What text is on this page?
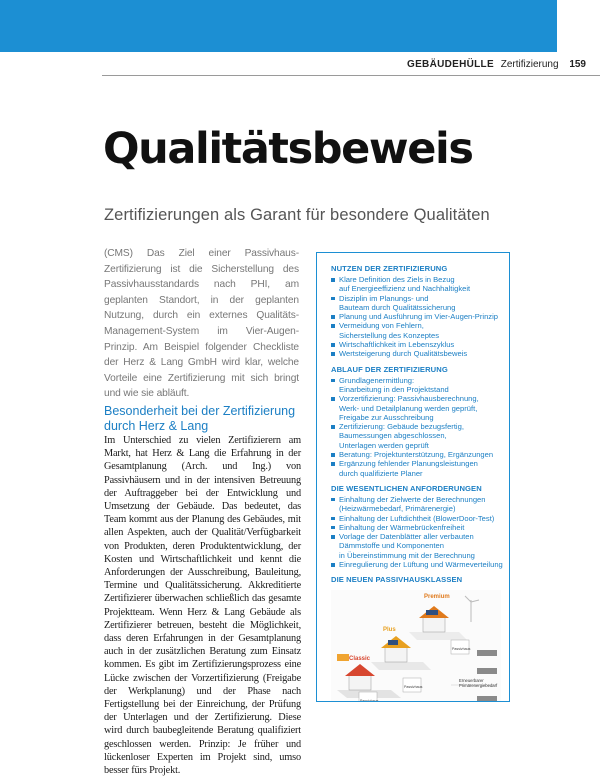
GEBÄUDEHÜLLE Zertifizierung 159
Qualitätsbeweis
Zertifizierungen als Garant für besondere Qualitäten
(CMS) Das Ziel einer Passivhaus-Zertifizierung ist die Sicherstellung des Passivhausstandards nach PHI, am geplanten Standort, in der geplanten Nutzung, durch ein externes Qualitäts-Management-System im Vier-Augen-Prinzip. Am Beispiel folgender Checkliste der Herz & Lang GmbH wird klar, welche Vorteile eine Zertifizierung mit sich bringt und wie sie abläuft.
Besonderheit bei der Zertifizierung durch Herz & Lang
Im Unterschied zu vielen Zertifizierern am Markt, hat Herz & Lang die Erfahrung in der Gesamtplanung (Arch. und Ing.) von Passivhäusern und in der intensiven Betreuung der Auftraggeber bei der Entwicklung und Umsetzung der Gebäude. Das bedeutet, das Team kommt aus der Planung des Gebäudes, mit allen Aspekten, auch der Qualität/Verfügbarkeit von Produkten, deren Produktentwicklung, der Kosten und Wirtschaftlichkeit und kennt die Anforderungen der Ausschreibung, Bauleitung, Termine und Qualitätssicherung. Akkreditierte Zertifizierer überwachen schließlich das gesamte Projektteam. Wenn Herz & Lang Gebäude als Zertifizierer betreuen, besteht die Möglichkeit, dass deren Erfahrungen in der Gesamtplanung auch in der zusätzlichen Beratung zum Einsatz kommen. Es gibt im Zertifizierungsprozess eine Lücke zwischen der Vorzertifizierung (Freigabe der Werkplanung) und der Phase nach Fertigstellung bei der Einreichung, der Prüfung der Unterlagen und der Zertifizierung. Diese wird durch baubegleitende Beratung qualifiziert geschlossen werden. Prinzip: Je früher und lückenloser Experten im Projekt sind, umso besser fürs Projekt.
NUTZEN DER ZERTIFIZIERUNG
Klare Definition des Ziels in Bezug
auf Energieeffizienz und Nachhaltigkeit
Disziplin im Planungs- und
Bauteam durch Qualitätssicherung
Planung und Ausführung im Vier-Augen-Prinzip
Vermeidung von Fehlern,
Sicherstellung des Konzeptes
Wirtschaftlichkeit im Lebenszyklus
Wertsteigerung durch Qualitätsbeweis
ABLAUF DER ZERTIFIZIERUNG
Grundlagenermittlung:
Einarbeitung in den Projektstand
Vorzertifizierung: Passivhausberechnung,
Werk- und Detailplanung werden geprüft,
Freigabe zur Ausschreibung
Zertifizierung: Gebäude bezugsfertig,
Baumessungen abgeschlossen,
Unterlagen werden geprüft
Beratung: Projektunterstützung, Ergänzungen
Ergänzung fehlender Planungsleistungen
durch qualifizierte Planer
DIE WESENTLICHEN ANFORDERUNGEN
Einhaltung der Zielwerte der Berechnungen
(Heizwärmebedarf, Primärenergie)
Einhaltung der Luftdichtheit (BlowerDoor-Test)
Einhaltung der Wärmebrückenfreiheit
Vorlage der Datenblätter aller verbauten
Dämmstoffe und Komponenten
in Übereinstimmung mit der Berechnung
Einregulierung der Lüftung und Wärmeverteilung
DIE NEUEN PASSIVHAUSKLASSEN
Premium
Plus
Classic
Erneuerbarer Primärenergiebedarf
Passivhaus
Passivhaus
Passivhaus
